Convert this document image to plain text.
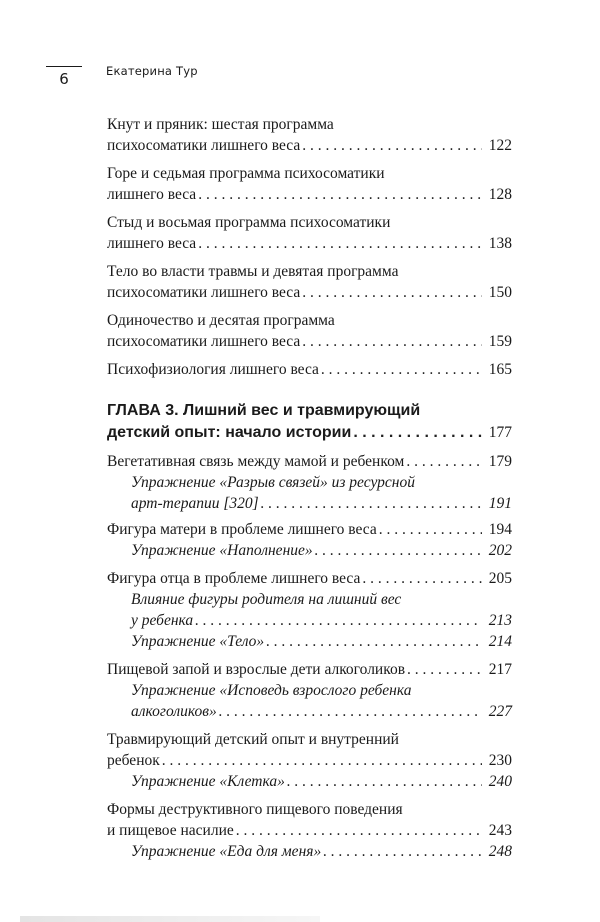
6	Екатерина Тур
Кнут и пряник: шестая программа
психосоматики лишнего веса . . .	122
Горе и седьмая программа психосоматики
лишнего веса . . .	128
Стыд и восьмая программа психосоматики
лишнего веса . . .	138
Тело во власти травмы и девятая программа
психосоматики лишнего веса . . .	150
Одиночество и десятая программа
психосоматики лишнего веса . . .	159
Психофизиология лишнего веса . . .	165
ГЛАВА 3. Лишний вес и травмирующий
детский опыт: начало истории . . .	177
Вегетативная связь между мамой и ребенком . . .	179
Упражнение «Разрыв связей» из ресурсной
арт-терапии [320] . . .	191
Фигура матери в проблеме лишнего веса . . .	194
Упражнение «Наполнение» . . .	202
Фигура отца в проблеме лишнего веса . . .	205
Влияние фигуры родителя на лишний вес
у ребенка . . .	213
Упражнение «Тело» . . .	214
Пищевой запой и взрослые дети алкоголиков . . .	217
Упражнение «Исповедь взрослого ребенка
алкоголиков» . . .	227
Травмирующий детский опыт и внутренний
ребенок . . .	230
Упражнение «Клетка» . . .	240
Формы деструктивного пищевого поведения
и пищевое насилие . . .	243
Упражнение «Еда для меня» . . .	248
